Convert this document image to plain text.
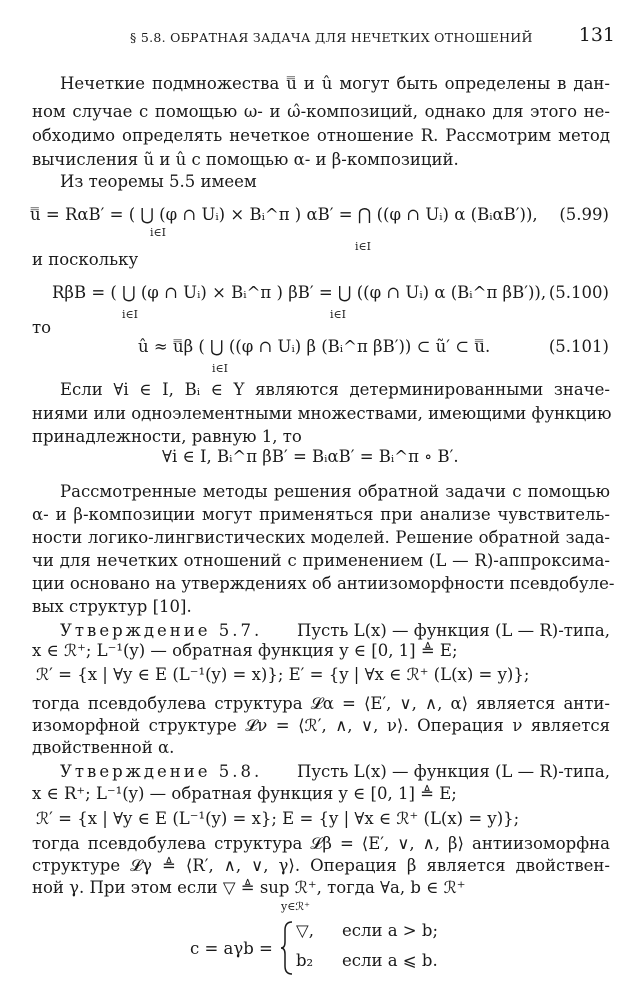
§ 5.8. ОБРАТНАЯ ЗАДАЧА ДЛЯ НЕЧЕТКИХ ОТНОШЕНИЙ 131
Нечеткие подмножества u̿ и û могут быть определены в дан-
ном случае с помощью ω- и ω̂-композиций, однако для этого не-
обходимо определять нечеткое отношение R. Рассмотрим метод
вычисления ũ и û с помощью α- и β-композиций.
Из теоремы 5.5 имеем
u̿ = RαB′ = ( ⋃ (φ ∩ Uᵢ) × Bᵢ^π ) αB′ = ⋂ ((φ ∩ Uᵢ) α (BᵢαB′)),
i∈I
i∈I
(5.99)
и поскольку
RβB = ( ⋃ (φ ∩ Uᵢ) × Bᵢ^π ) βB′ = ⋃ ((φ ∩ Uᵢ) α (Bᵢ^π βB′)),
i∈I	i∈I
(5.100)
то
û ≈ u̿β ( ⋃ ((φ ∩ Uᵢ) β (Bᵢ^π βB′)) ⊂ ũ′ ⊂ u̿.
i∈I
(5.101)
Если ∀i ∈ I, Bᵢ ∈ Y являются детерминированными значе-
ниями или одноэлементными множествами, имеющими функцию
принадлежности, равную 1, то
∀i ∈ I, Bᵢ^π βB′ = BᵢαB′ = Bᵢ^π ∘ B′.
Рассмотренные методы решения обратной задачи с помощью
α- и β-композиции могут применяться при анализе чувствитель-
ности логико-лингвистических моделей. Решение обратной зада-
чи для нечетких отношений с применением (L — R)-аппроксима-
ции основано на утверждениях об антиизоморфности псевдобуле-
вых структур [10].
Утверждение 5.7. Пусть L(x) — функция (L — R)-типа,
x ∈ ℛ⁺; L⁻¹(y) — обратная функция y ∈ [0, 1] ≜ E;
ℛ′ = {x | ∀y ∈ E (L⁻¹(y) = x)}; E′ = {y | ∀x ∈ ℛ⁺ (L(x) = y)};
тогда псевдобулева структура 𝓛α = ⟨E′, ∨, ∧, α⟩ является анти-
изоморфной структуре 𝓛ν = ⟨ℛ′, ∧, ∨, ν⟩. Операция ν является
двойственной α.
Утверждение 5.8. Пусть L(x) — функция (L — R)-типа,
x ∈ R⁺; L⁻¹(y) — обратная функция y ∈ [0, 1] ≜ E;
ℛ′ = {x | ∀y ∈ E (L⁻¹(y) = x}; E = {y | ∀x ∈ ℛ⁺ (L(x) = y)};
тогда псевдобулева структура 𝓛β = ⟨E′, ∨, ∧, β⟩ антиизоморфна
структуре 𝓛γ ≜ ⟨R′, ∧, ∨, γ⟩. Операция β является двойствен-
ной γ. При этом если ▽ ≜ sup ℛ⁺, тогда ∀a, b ∈ ℛ⁺
y∈ℛ⁺
c = aγb =
▽, если a > b;
b₂ если a ⩽ b.
